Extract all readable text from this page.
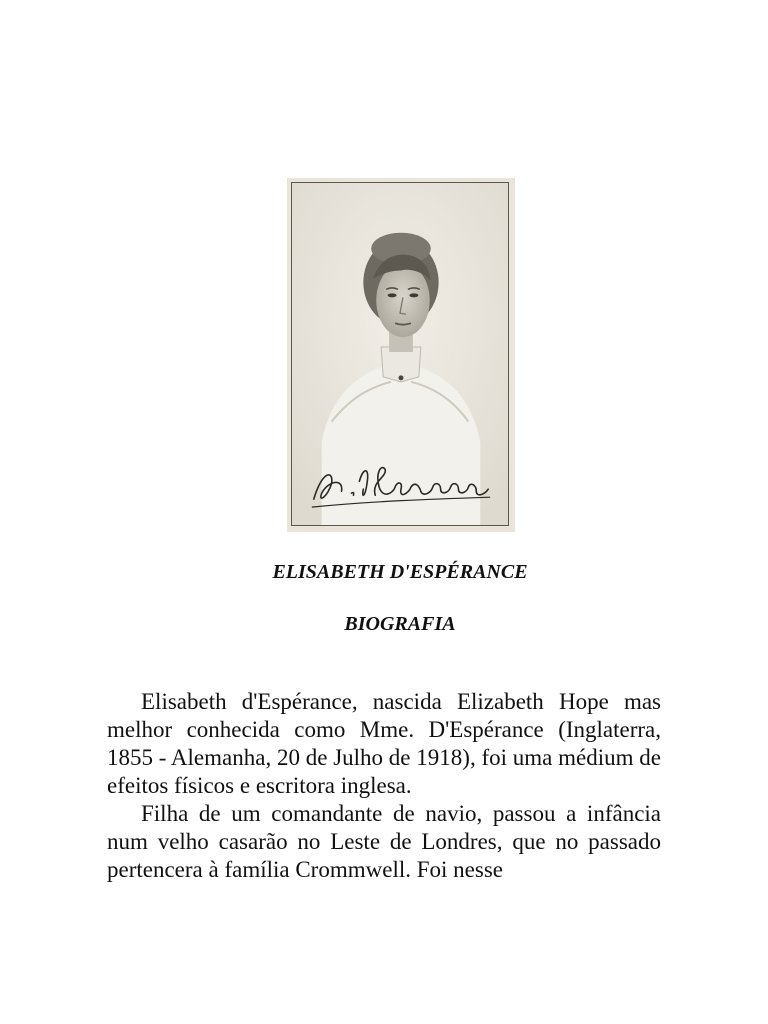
ELISABETH D'ESPÉRANCE
BIOGRAFIA

Elisabeth d'Espérance, nascida Elizabeth Hope mas melhor conhecida como Mme. D'Espérance (Inglaterra, 1855 - Alemanha, 20 de Julho de 1918), foi uma médium de efeitos físicos e escritora inglesa.

Filha de um comandante de navio, passou a infância num velho casarão no Leste de Londres, que no passado pertencera à família Crommwell. Foi nesse
